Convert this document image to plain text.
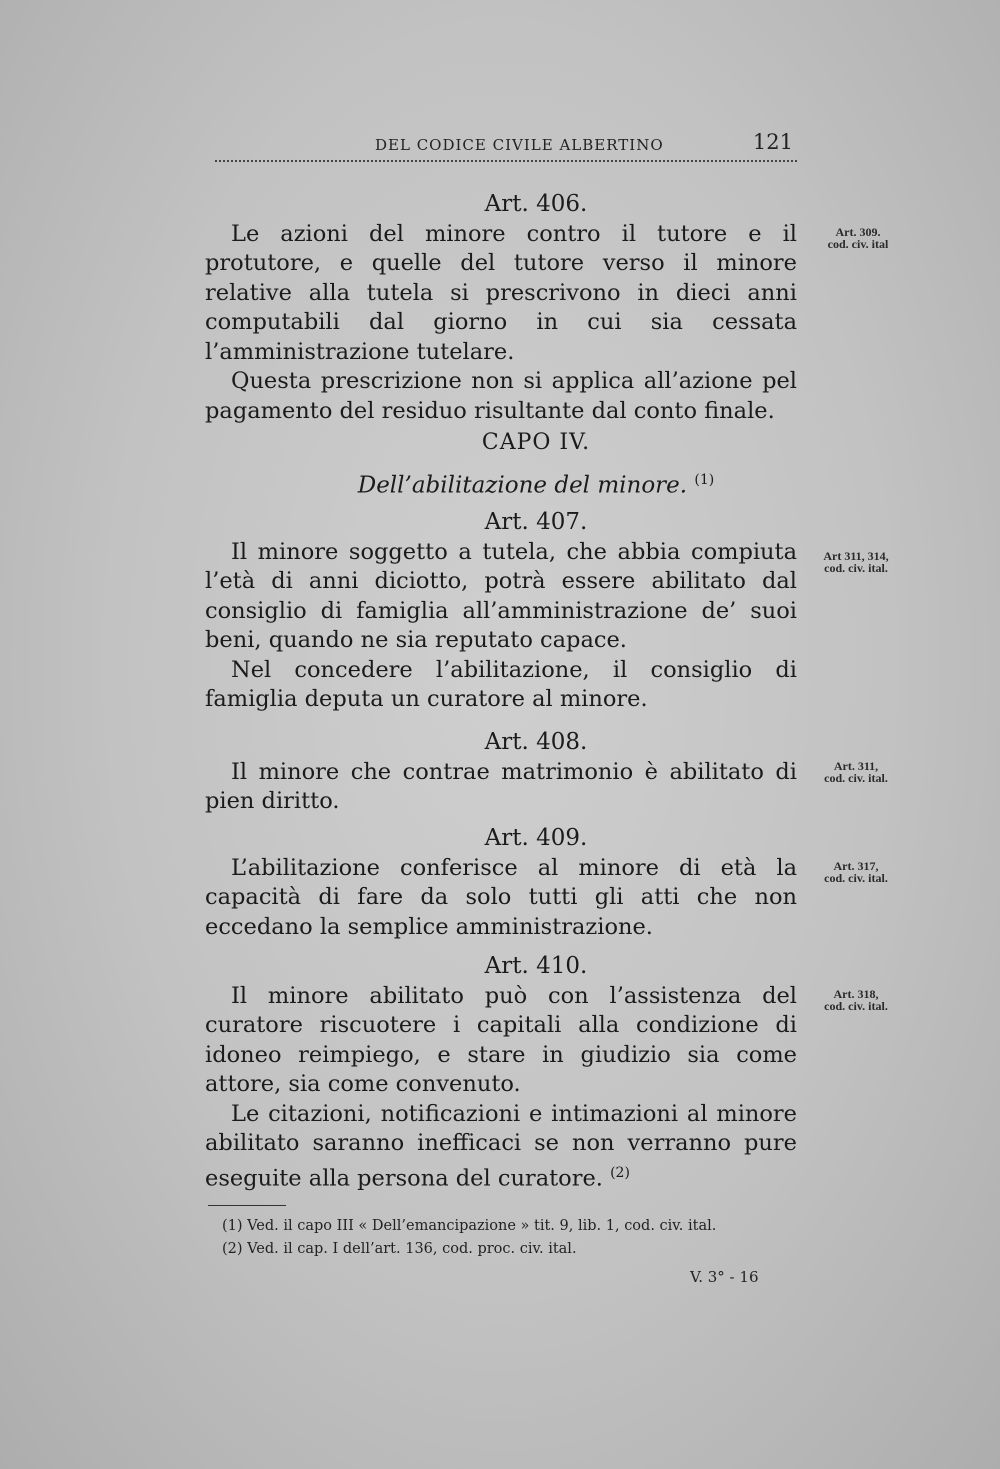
DEL CODICE CIVILE ALBERTINO	121
Art. 406.

Le azioni del minore contro il tutore e il protutore, e quelle del tutore verso il minore relative alla tutela si prescrivono in dieci anni computabili dal giorno in cui sia cessata l’amministrazione tutelare.

Questa prescrizione non si applica all’azione pel pagamento del residuo risultante dal conto finale.

Art. 309.
cod. civ. ital
CAPO IV.
Dell’abilitazione del minore. $^{(1)}$
Art. 407.

Il minore soggetto a tutela, che abbia compiuta l’età di anni diciotto, potrà essere abilitato dal consiglio di famiglia all’amministrazione de’ suoi beni, quando ne sia reputato capace.

Nel concedere l’abilitazione, il consiglio di famiglia deputa un curatore al minore.

Art 311, 314,
cod. civ. ital.
Art. 408.

Il minore che contrae matrimonio è abilitato di pien diritto.

Art. 311,
cod. civ. ital.
Art. 409.

L’abilitazione conferisce al minore di età la capacità di fare da solo tutti gli atti che non eccedano la semplice amministrazione.

Art. 317,
cod. civ. ital.
Art. 410.

Il minore abilitato può con l’assistenza del curatore riscuotere i capitali alla condizione di idoneo reimpiego, e stare in giudizio sia come attore, sia come convenuto.

Le citazioni, notificazioni e intimazioni al minore abilitato saranno inefficaci se non verranno pure eseguite alla persona del curatore. $^{(2)}$

Art. 318,
cod. civ. ital.
(1) Ved. il capo III « Dell’emancipazione » tit. 9, lib. 1, cod. civ. ital.
(2) Ved. il cap. I dell’art. 136, cod. proc. civ. ital.
V. 3° - 16
